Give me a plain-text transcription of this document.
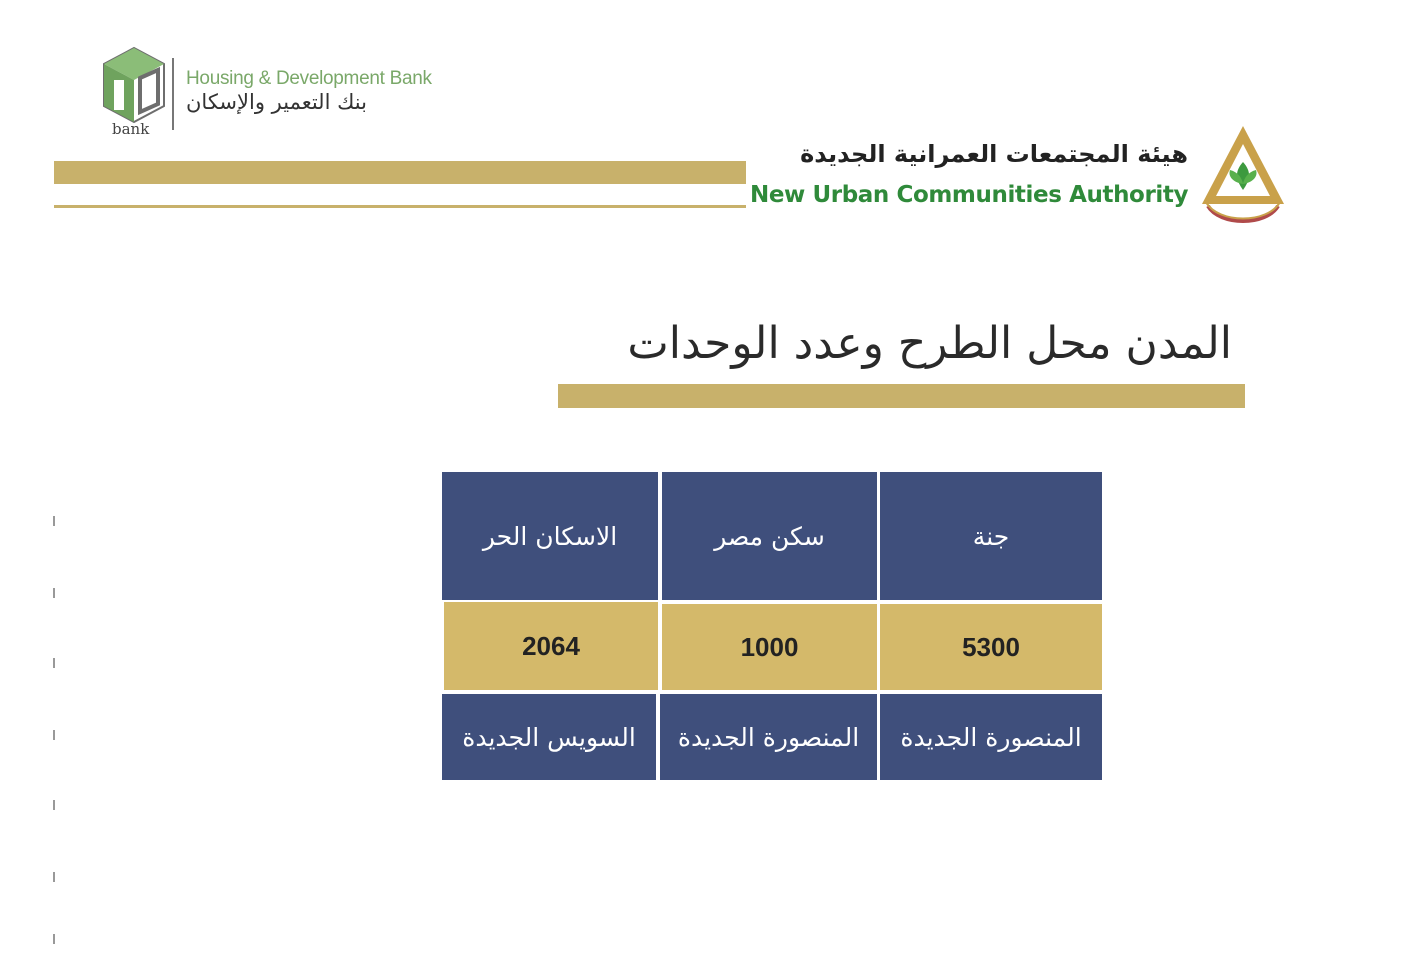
bank
Housing & Development Bank
بنك التعمير والإسكان
هيئة المجتمعات العمرانية الجديدة
New Urban Communities Authority
المدن محل الطرح وعدد الوحدات
جنة
سكن مصر
الاسكان الحر
5300
1000
2064
المنصورة الجديدة
المنصورة الجديدة
السويس الجديدة
